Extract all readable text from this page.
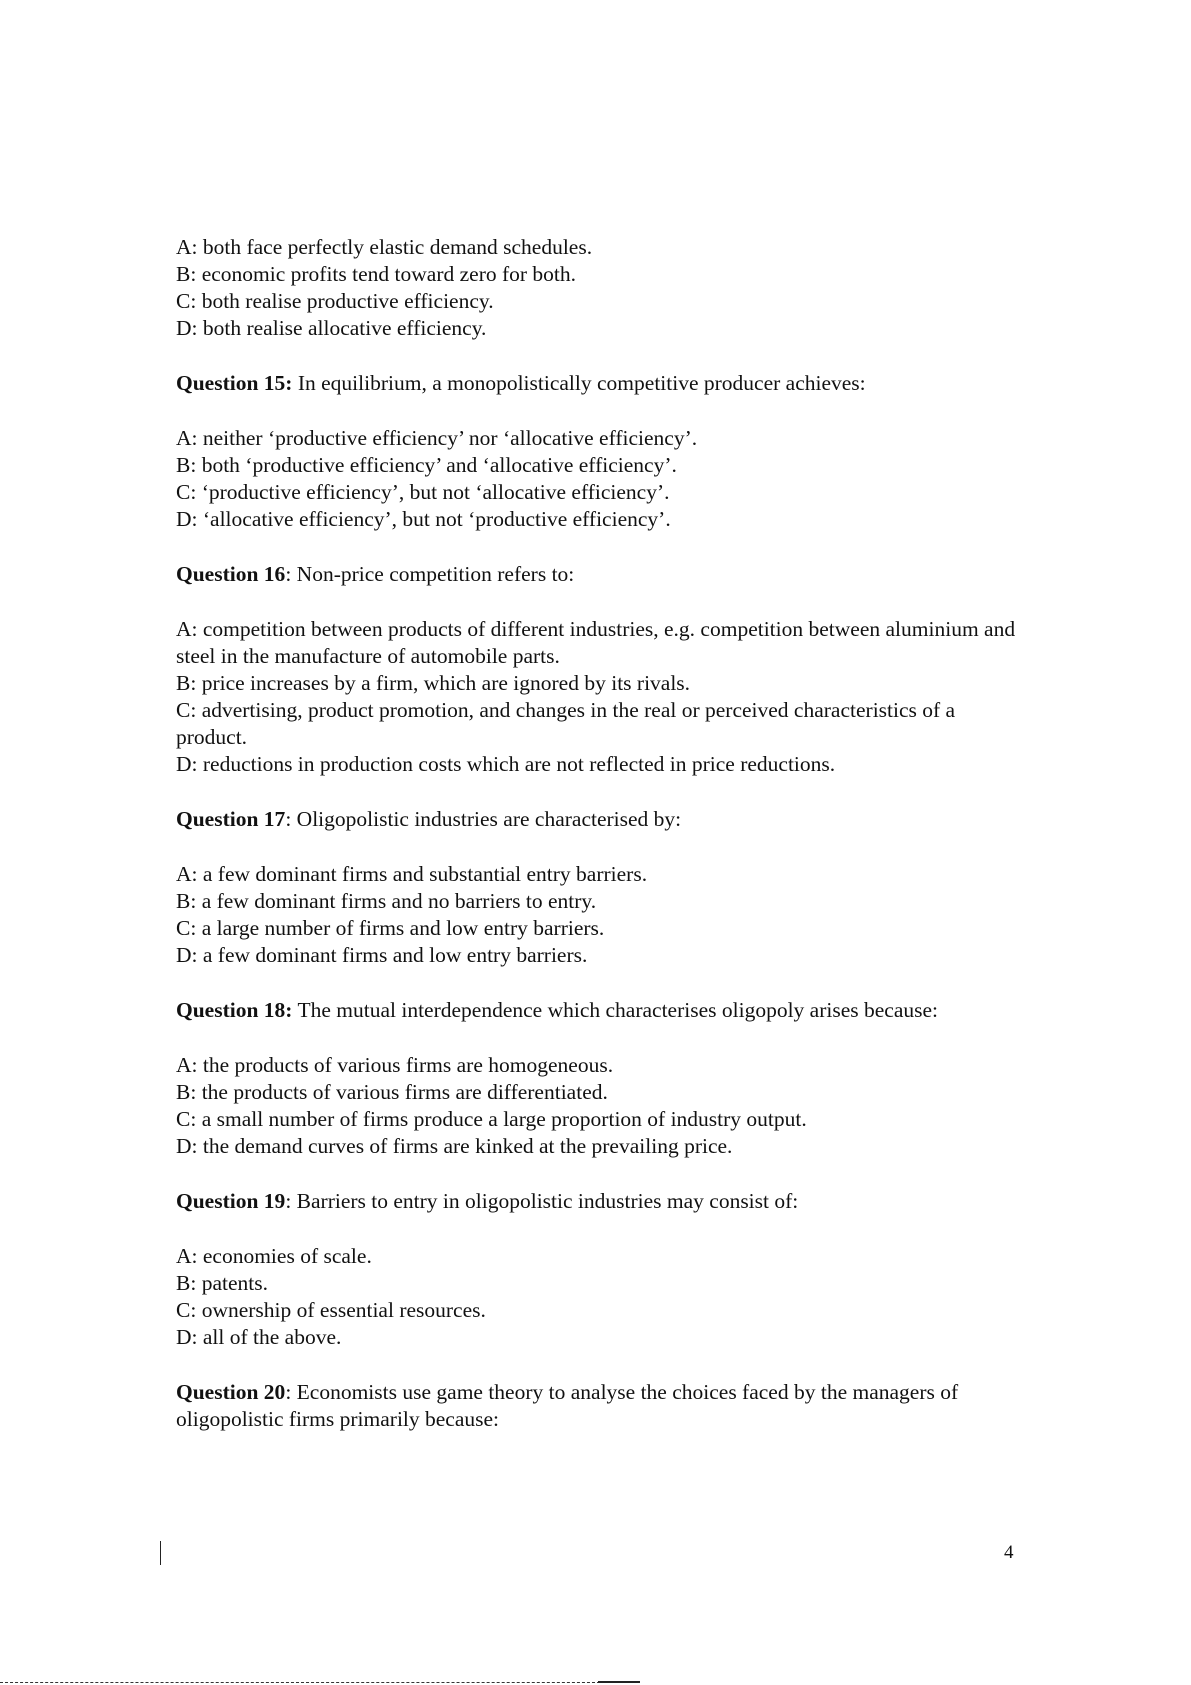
A: both face perfectly elastic demand schedules.

B: economic profits tend toward zero for both.

C: both realise productive efficiency.

D: both realise allocative efficiency.

Question 15: In equilibrium, a monopolistically competitive producer achieves:

A: neither ‘productive efficiency’ nor ‘allocative efficiency’.

B: both ‘productive efficiency’ and ‘allocative efficiency’.

C: ‘productive efficiency’, but not ‘allocative efficiency’.

D: ‘allocative efficiency’, but not ‘productive efficiency’.

Question 16: Non-price competition refers to:

A: competition between products of different industries, e.g. competition between aluminium and steel in the manufacture of automobile parts.

B: price increases by a firm, which are ignored by its rivals.

C: advertising, product promotion, and changes in the real or perceived characteristics of a product.

D: reductions in production costs which are not reflected in price reductions.

Question 17: Oligopolistic industries are characterised by:

A: a few dominant firms and substantial entry barriers.

B: a few dominant firms and no barriers to entry.

C: a large number of firms and low entry barriers.

D: a few dominant firms and low entry barriers.

Question 18: The mutual interdependence which characterises oligopoly arises because:

A: the products of various firms are homogeneous.

B: the products of various firms are differentiated.

C: a small number of firms produce a large proportion of industry output.

D: the demand curves of firms are kinked at the prevailing price.

Question 19: Barriers to entry in oligopolistic industries may consist of:

A: economies of scale.

B: patents.

C: ownership of essential resources.

D: all of the above.

Question 20: Economists use game theory to analyse the choices faced by the managers of oligopolistic firms primarily because:

4
